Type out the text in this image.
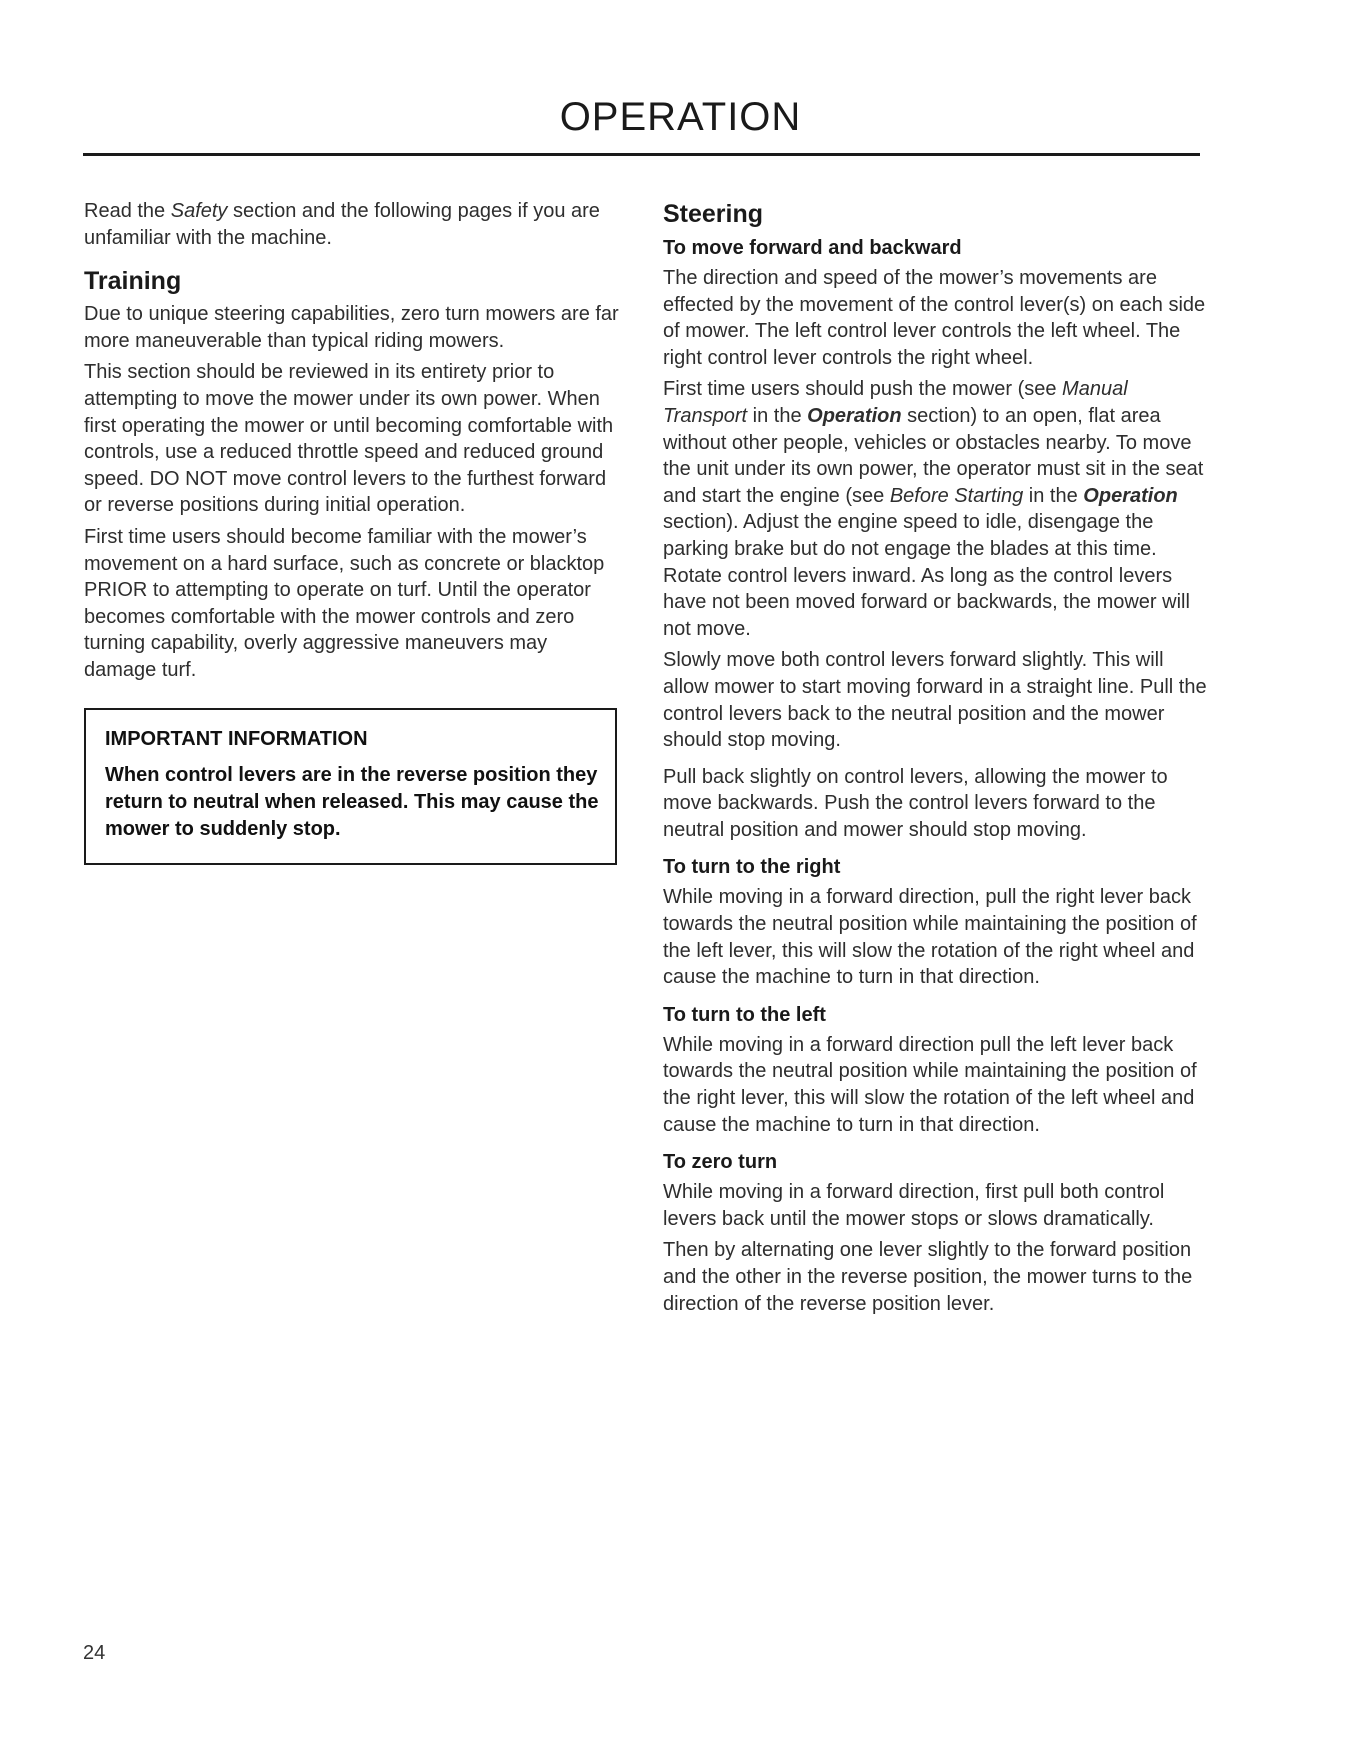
OPERATION

Read the Safety section and the following pages if you are unfamiliar with the machine.

Training

Due to unique steering capabilities, zero turn mowers are far more maneuverable than typical riding mowers.

This section should be reviewed in its entirety prior to attempting to move the mower under its own power. When first operating the mower or until becoming comfortable with controls, use a reduced throttle speed and reduced ground speed. DO NOT move control levers to the furthest forward or reverse positions during initial operation.

First time users should become familiar with the mower’s movement on a hard surface, such as concrete or blacktop PRIOR to attempting to operate on turf. Until the operator becomes comfortable with the mower controls and zero turning capability, overly aggressive maneuvers may damage turf.

IMPORTANT INFORMATION
When control levers are in the reverse position they return to neutral when released. This may cause the mower to suddenly stop.
Steering
To move forward and backward

The direction and speed of the mower’s movements are effected by the movement of the control lever(s) on each side of mower. The left control lever controls the left wheel. The right control lever controls the right wheel.

First time users should push the mower (see Manual Transport in the Operation section) to an open, flat area without other people, vehicles or obstacles nearby. To move the unit under its own power, the operator must sit in the seat and start the engine (see Before Starting in the Operation section). Adjust the engine speed to idle, disengage the parking brake but do not engage the blades at this time. Rotate control levers inward. As long as the control levers have not been moved forward or backwards, the mower will not move.

Slowly move both control levers forward slightly. This will allow mower to start moving forward in a straight line. Pull the control levers back to the neutral position and the mower should stop moving.

Pull back slightly on control levers, allowing the mower to move backwards. Push the control levers forward to the neutral position and mower should stop moving.

To turn to the right

While moving in a forward direction, pull the right lever back towards the neutral position while maintaining the position of the left lever, this will slow the rotation of the right wheel and cause the machine to turn in that direction.

To turn to the left

While moving in a forward direction pull the left lever back towards the neutral position while maintaining the position of the right lever, this will slow the rotation of the left wheel and cause the machine to turn in that direction.

To zero turn

While moving in a forward direction, first pull both control levers back until the mower stops or slows dramatically.

Then by alternating one lever slightly to the forward position and the other in the reverse position, the mower turns to the direction of the reverse position lever.

24
